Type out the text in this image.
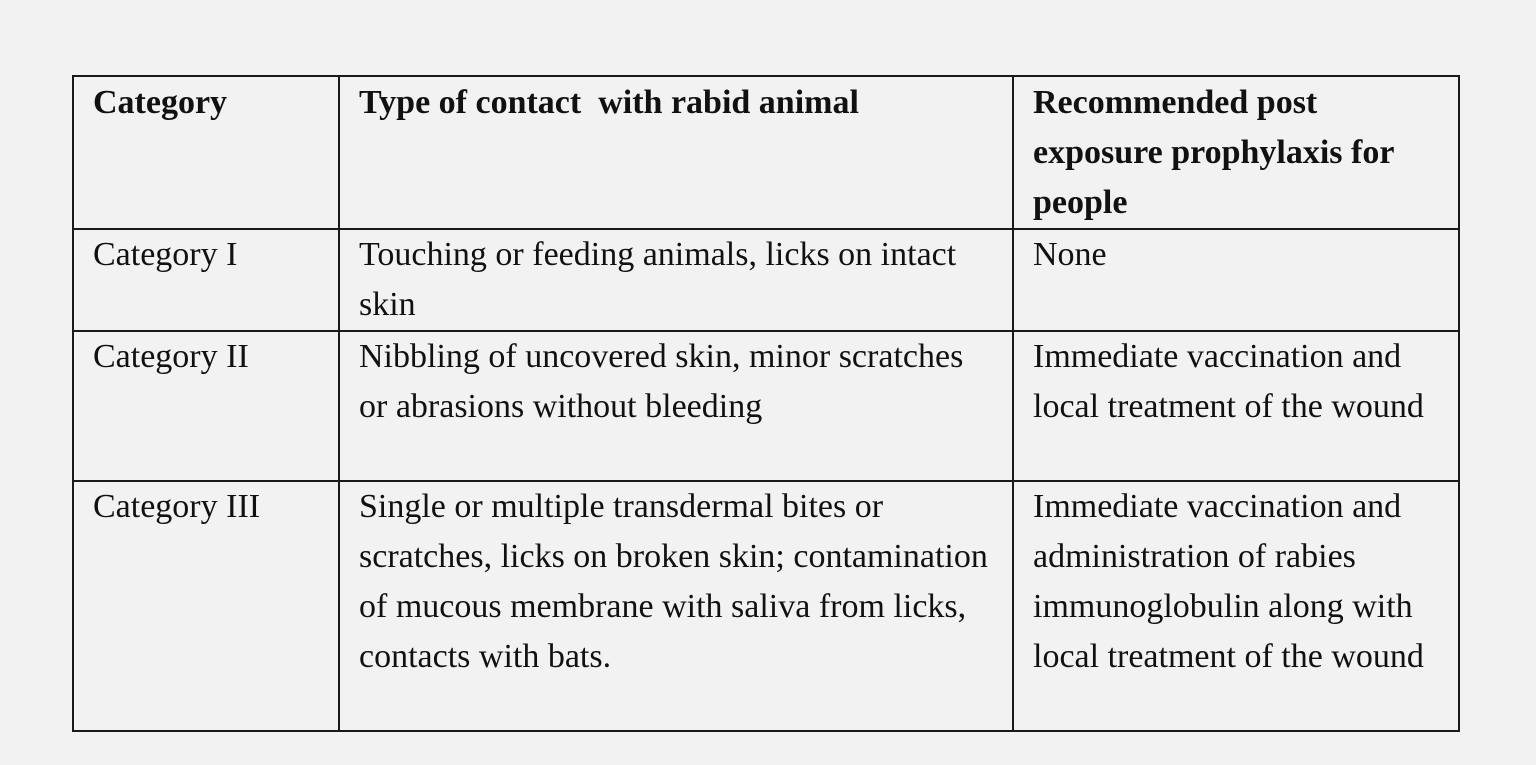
Category	Type of contact  with rabid animal	Recommended post exposure prophylaxis for people
Category I	Touching or feeding animals, licks on intact skin	None
Category II	Nibbling of uncovered skin, minor scratches or abrasions without bleeding	Immediate vaccination and local treatment of the wound
Category III	Single or multiple transdermal bites or scratches, licks on broken skin; contamination of mucous membrane with saliva from licks, contacts with bats.	Immediate vaccination and administration of rabies immunoglobulin along with local treatment of the wound
